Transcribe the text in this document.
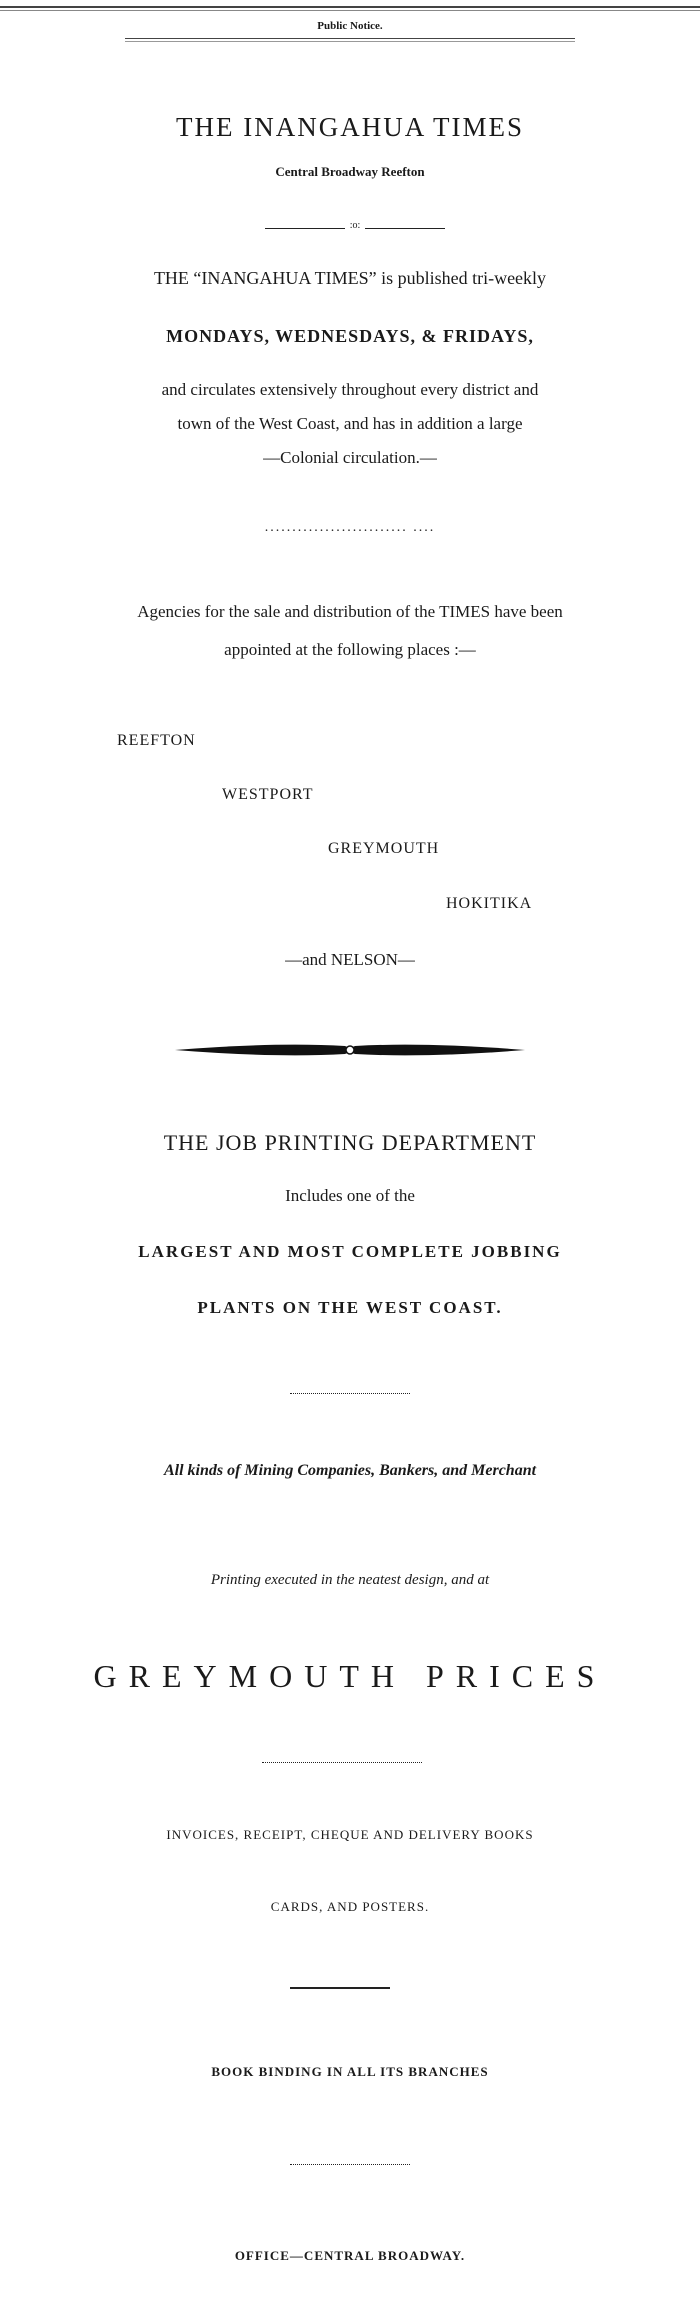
Public Notice.
THE INANGAHUA TIMES
Central Broadway Reefton
:o:
THE “INANGAHUA TIMES” is published tri-weekly
MONDAYS, WEDNESDAYS, & FRIDAYS,
and circulates extensively throughout every district and
town of the West Coast, and has in addition a large
—Colonial circulation.—
.......................... ....
Agencies for the sale and distribution of the TIMES have been
appointed at the following places :—
REEFTON
WESTPORT
GREYMOUTH
HOKITIKA
—and NELSON—
THE JOB PRINTING DEPARTMENT
Includes one of the
LARGEST AND MOST COMPLETE JOBBING
PLANTS ON THE WEST COAST.
All kinds of Mining Companies, Bankers, and Merchant
Printing executed in the neatest design, and at
GREYMOUTH PRICES
INVOICES, RECEIPT, CHEQUE AND DELIVERY BOOKS
CARDS, AND POSTERS.
BOOK BINDING IN ALL ITS BRANCHES
OFFICE—CENTRAL BROADWAY.
